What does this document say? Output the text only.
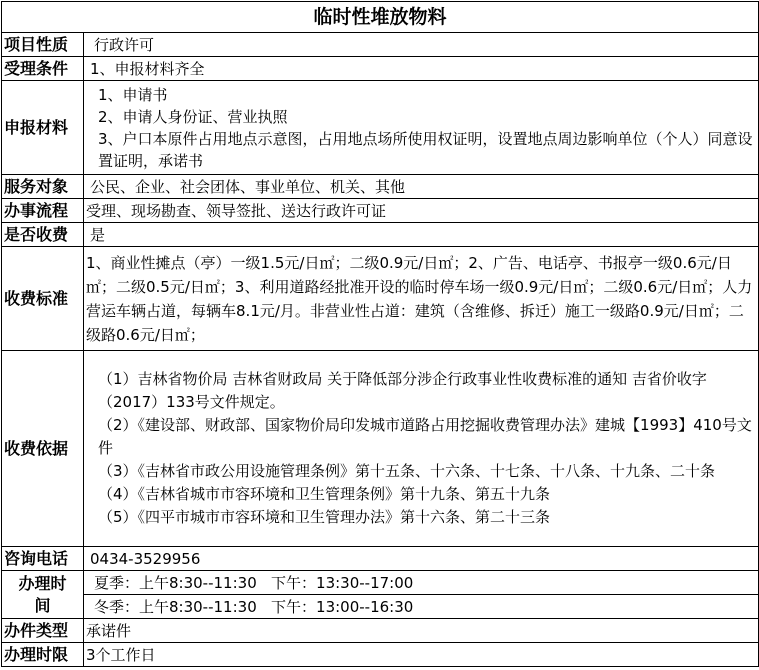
临时性堆放物料	
项目性质	行政许可
受理条件	1、申报材料齐全
申报材料	1、申请书
2、申请人身份证、营业执照
3、户口本原件占用地点示意图，占用地点场所使用权证明，设置地点周边影响单位（个人）同意设置证明，承诺书

服务对象	公民、企业、社会团体、事业单位、机关、其他
办事流程	受理、现场勘查、领导签批、送达行政许可证
是否收费	是
收费标准	1、商业性摊点（亭）一级1.5元/日㎡；二级0.9元/日㎡；2、广告、电话亭、书报亭一级0.6元/日㎡；二级0.5元/日㎡；3、利用道路经批准开设的临时停车场一级0.9元/日㎡；二级0.6元/日㎡；人力营运车辆占道，每辆车8.1元/月。非营业性占道：建筑（含维修、拆迁）施工一级路0.9元/日㎡；二级路0.6元/日㎡；
收费依据	（1）吉林省物价局 吉林省财政局 关于降低部分涉企行政事业性收费标准的通知 吉省价收字（2017）133号文件规定。
（2）《建设部、财政部、国家物价局印发城市道路占用挖掘收费管理办法》建城【1993】410号文件
（3）《吉林省市政公用设施管理条例》第十五条、十六条、十七条、十八条、十九条、二十条
（4）《吉林省城市市容环境和卫生管理条例》第十九条、第五十九条
（5）《四平市城市市容环境和卫生管理办法》第十六条、第二十三条

咨询电话	0434-3529956

办理时
间	夏季：上午8:30--11:30   下午：13:30--17:00
	冬季：上午8:30--11:30   下午：13:00--16:30
办件类型	承诺件
办理时限	3个工作日
